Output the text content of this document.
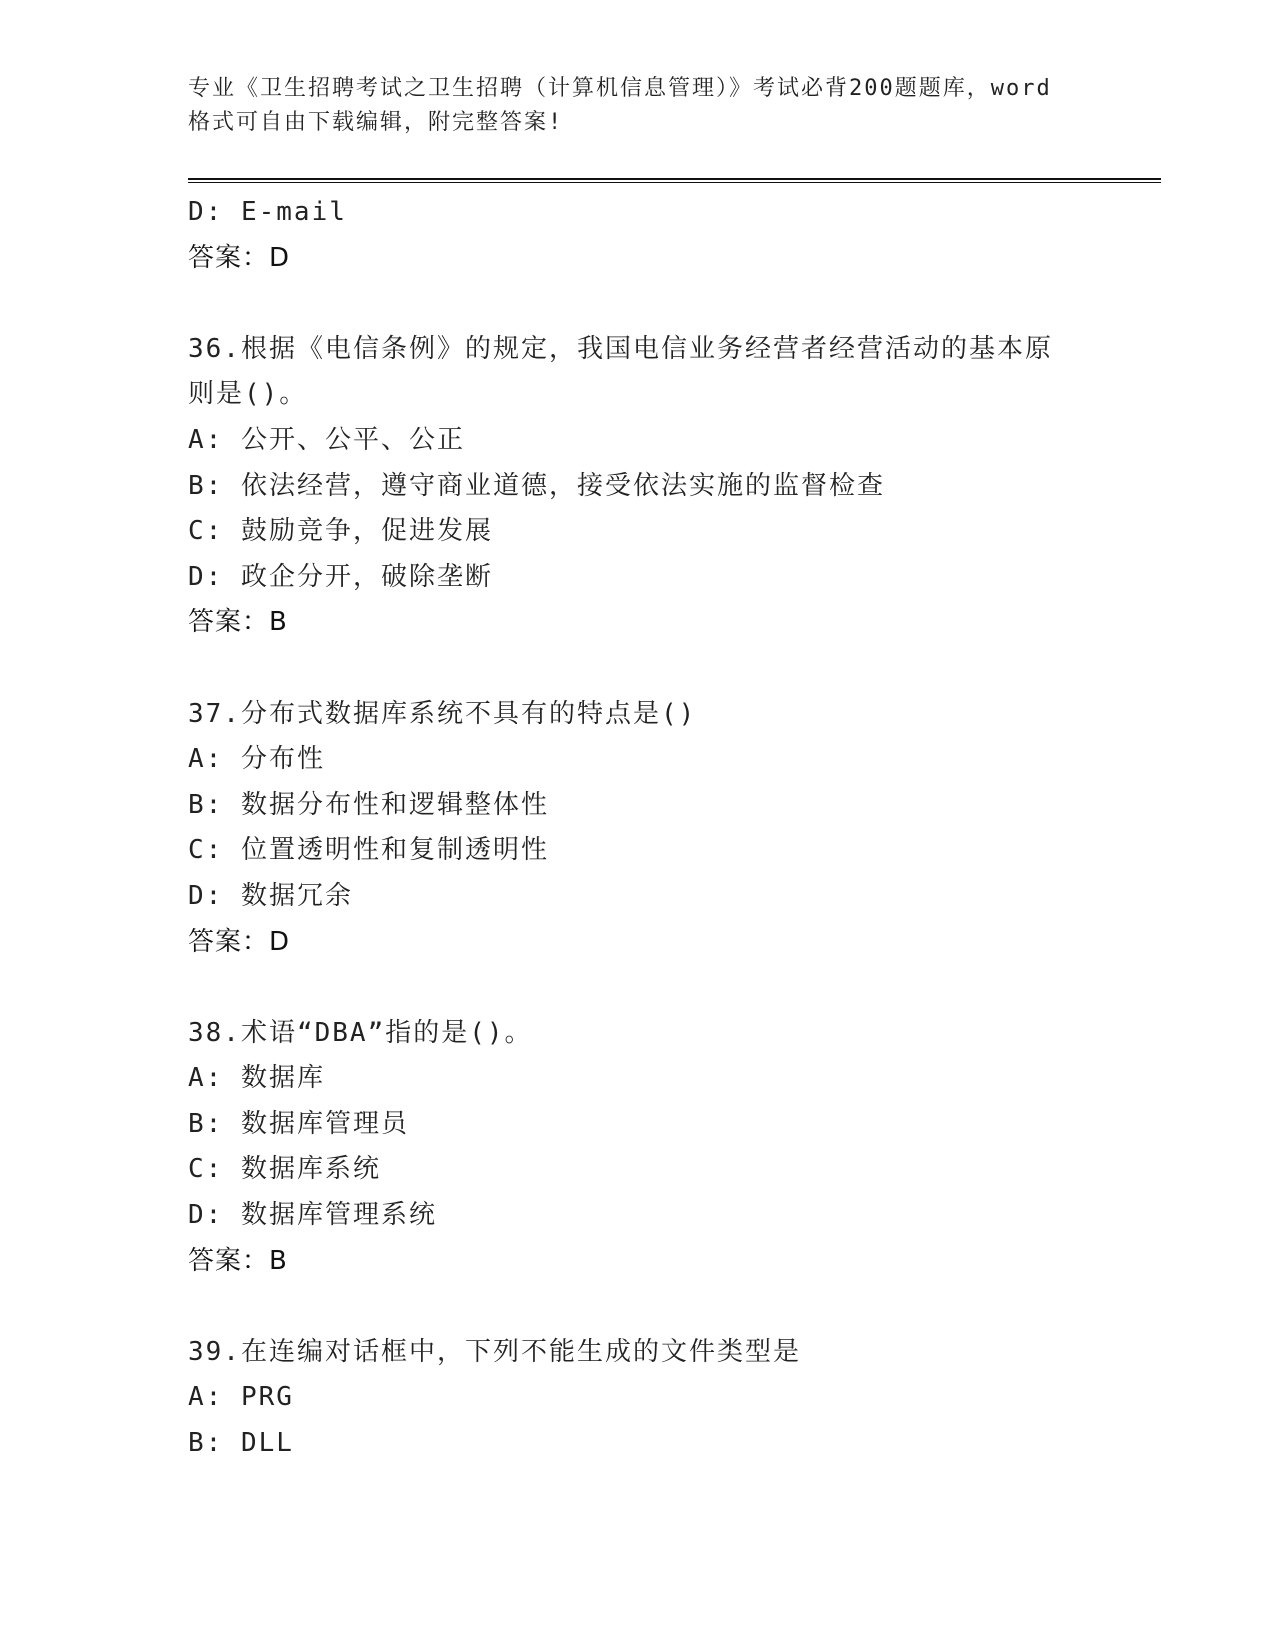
专业《卫生招聘考试之卫生招聘（计算机信息管理）》考试必背200题题库，word
格式可自由下载编辑，附完整答案!
D: E-mail
答案：D
36.根据《电信条例》的规定，我国电信业务经营者经营活动的基本原
则是()。
A: 公开、公平、公正
B: 依法经营，遵守商业道德，接受依法实施的监督检查
C: 鼓励竞争，促进发展
D: 政企分开，破除垄断
答案：B
37.分布式数据库系统不具有的特点是()
A: 分布性
B: 数据分布性和逻辑整体性
C: 位置透明性和复制透明性
D: 数据冗余
答案：D
38.术语“DBA”指的是()。
A: 数据库
B: 数据库管理员
C: 数据库系统
D: 数据库管理系统
答案：B
39.在连编对话框中，下列不能生成的文件类型是
A: PRG
B: DLL
